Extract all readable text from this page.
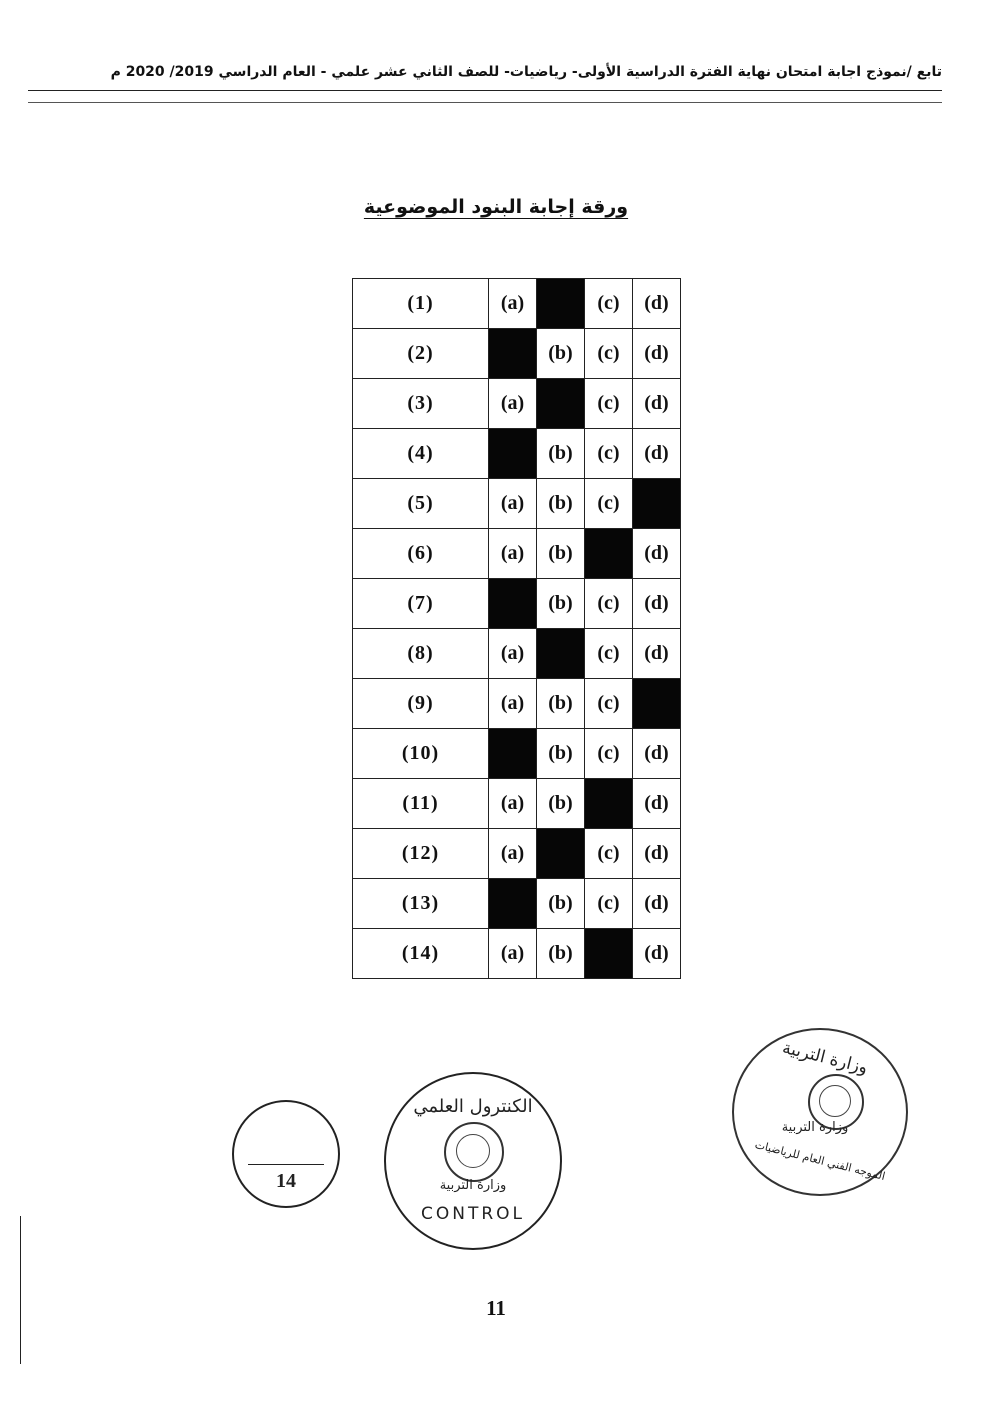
تابع /نموذج اجابة امتحان نهاية الفترة الدراسية الأولى- رياضيات- للصف الثاني عشر علمي - العام الدراسي 2019/ 2020 م
ورقة إجابة البنود الموضوعية
(1)	(a)		(c)	(d)
(2)		(b)	(c)	(d)
(3)	(a)		(c)	(d)
(4)		(b)	(c)	(d)
(5)	(a)	(b)	(c)	
(6)	(a)	(b)		(d)
(7)		(b)	(c)	(d)
(8)	(a)		(c)	(d)
(9)	(a)	(b)	(c)	
(10)		(b)	(c)	(d)
(11)	(a)	(b)		(d)
(12)	(a)		(c)	(d)
(13)		(b)	(c)	(d)
(14)	(a)	(b)		(d)
14
الكنترول العلمي
وزارة التربية
CONTROL
وزارة التربية
وزارة التربية
الموجه الفني العام للرياضيات
11
